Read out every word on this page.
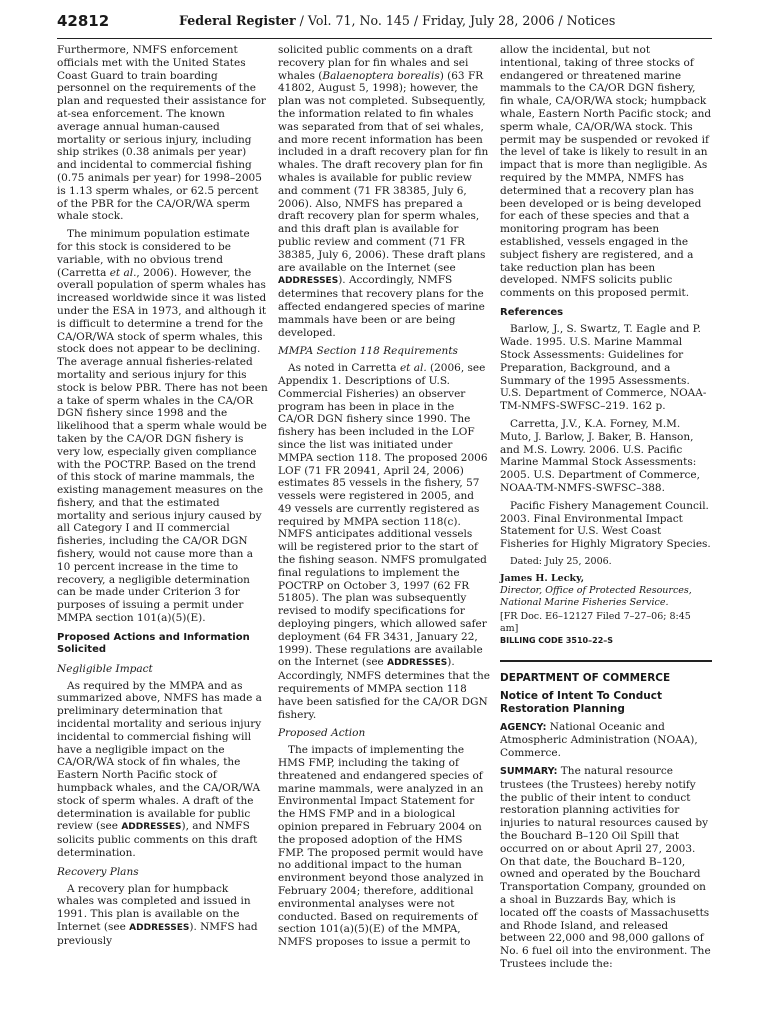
42812	Federal Register / Vol. 71, No. 145 / Friday, July 28, 2006 / Notices

Furthermore, NMFS enforcement officials met with the United States Coast Guard to train boarding personnel on the requirements of the plan and requested their assistance for at-sea enforcement. The known average annual human-caused mortality or serious injury, including ship strikes (0.38 animals per year) and incidental to commercial fishing (0.75 animals per year) for 1998–2005 is 1.13 sperm whales, or 62.5 percent of the PBR for the CA/OR/WA sperm whale stock.

The minimum population estimate for this stock is considered to be variable, with no obvious trend (Carretta et al., 2006). However, the overall population of sperm whales has increased worldwide since it was listed under the ESA in 1973, and although it is difficult to determine a trend for the CA/OR/WA stock of sperm whales, this stock does not appear to be declining. The average annual fisheries-related mortality and serious injury for this stock is below PBR. There has not been a take of sperm whales in the CA/OR DGN fishery since 1998 and the likelihood that a sperm whale would be taken by the CA/OR DGN fishery is very low, especially given compliance with the POCTRP. Based on the trend of this stock of marine mammals, the existing management measures on the fishery, and that the estimated mortality and serious injury caused by all Category I and II commercial fisheries, including the CA/OR DGN fishery, would not cause more than a 10 percent increase in the time to recovery, a negligible determination can be made under Criterion 3 for purposes of issuing a permit under MMPA section 101(a)(5)(E).

Proposed Actions and Information Solicited
Negligible Impact

As required by the MMPA and as summarized above, NMFS has made a preliminary determination that incidental mortality and serious injury incidental to commercial fishing will have a negligible impact on the CA/OR/WA stock of fin whales, the Eastern North Pacific stock of humpback whales, and the CA/OR/WA stock of sperm whales. A draft of the determination is available for public review (see ADDRESSES), and NMFS solicits public comments on this draft determination.

Recovery Plans

A recovery plan for humpback whales was completed and issued in 1991. This plan is available on the Internet (see ADDRESSES). NMFS had previously

solicited public comments on a draft recovery plan for fin whales and sei whales (Balaenoptera borealis) (63 FR 41802, August 5, 1998); however, the plan was not completed. Subsequently, the information related to fin whales was separated from that of sei whales, and more recent information has been included in a draft recovery plan for fin whales. The draft recovery plan for fin whales is available for public review and comment (71 FR 38385, July 6, 2006). Also, NMFS has prepared a draft recovery plan for sperm whales, and this draft plan is available for public review and comment (71 FR 38385, July 6, 2006). These draft plans are available on the Internet (see ADDRESSES). Accordingly, NMFS determines that recovery plans for the affected endangered species of marine mammals have been or are being developed.

MMPA Section 118 Requirements

As noted in Carretta et al. (2006, see Appendix 1. Descriptions of U.S. Commercial Fisheries) an observer program has been in place in the CA/OR DGN fishery since 1990. The fishery has been included in the LOF since the list was initiated under MMPA section 118. The proposed 2006 LOF (71 FR 20941, April 24, 2006) estimates 85 vessels in the fishery, 57 vessels were registered in 2005, and 49 vessels are currently registered as required by MMPA section 118(c). NMFS anticipates additional vessels will be registered prior to the start of the fishing season. NMFS promulgated final regulations to implement the POCTRP on October 3, 1997 (62 FR 51805). The plan was subsequently revised to modify specifications for deploying pingers, which allowed safer deployment (64 FR 3431, January 22, 1999). These regulations are available on the Internet (see ADDRESSES). Accordingly, NMFS determines that the requirements of MMPA section 118 have been satisfied for the CA/OR DGN fishery.

Proposed Action

The impacts of implementing the HMS FMP, including the taking of threatened and endangered species of marine mammals, were analyzed in an Environmental Impact Statement for the HMS FMP and in a biological opinion prepared in February 2004 on the proposed adoption of the HMS FMP. The proposed permit would have no additional impact to the human environment beyond those analyzed in February 2004; therefore, additional environmental analyses were not conducted. Based on requirements of section 101(a)(5)(E) of the MMPA, NMFS proposes to issue a permit to

allow the incidental, but not intentional, taking of three stocks of endangered or threatened marine mammals to the CA/OR DGN fishery, fin whale, CA/OR/WA stock; humpback whale, Eastern North Pacific stock; and sperm whale, CA/OR/WA stock. This permit may be suspended or revoked if the level of take is likely to result in an impact that is more than negligible. As required by the MMPA, NMFS has determined that a recovery plan has been developed or is being developed for each of these species and that a monitoring program has been established, vessels engaged in the subject fishery are registered, and a take reduction plan has been developed. NMFS solicits public comments on this proposed permit.

References

Barlow, J., S. Swartz, T. Eagle and P. Wade. 1995. U.S. Marine Mammal Stock Assessments: Guidelines for Preparation, Background, and a Summary of the 1995 Assessments. U.S. Department of Commerce, NOAA-TM-NMFS-SWFSC–219. 162 p.

Carretta, J.V., K.A. Forney, M.M. Muto, J. Barlow, J. Baker, B. Hanson, and M.S. Lowry. 2006. U.S. Pacific Marine Mammal Stock Assessments: 2005. U.S. Department of Commerce, NOAA-TM-NMFS-SWFSC–388.

Pacific Fishery Management Council. 2003. Final Environmental Impact Statement for U.S. West Coast Fisheries for Highly Migratory Species.

Dated: July 25, 2006.

James H. Lecky,

Director, Office of Protected Resources, National Marine Fisheries Service.

[FR Doc. E6–12127 Filed 7–27–06; 8:45 am]

BILLING CODE 3510–22–S

DEPARTMENT OF COMMERCE

Notice of Intent To Conduct Restoration Planning

AGENCY: National Oceanic and Atmospheric Administration (NOAA), Commerce.

SUMMARY: The natural resource trustees (the Trustees) hereby notify the public of their intent to conduct restoration planning activities for injuries to natural resources caused by the Bouchard B–120 Oil Spill that occurred on or about April 27, 2003. On that date, the Bouchard B–120, owned and operated by the Bouchard Transportation Company, grounded on a shoal in Buzzards Bay, which is located off the coasts of Massachusetts and Rhode Island, and released between 22,000 and 98,000 gallons of No. 6 fuel oil into the environment. The Trustees include the:
